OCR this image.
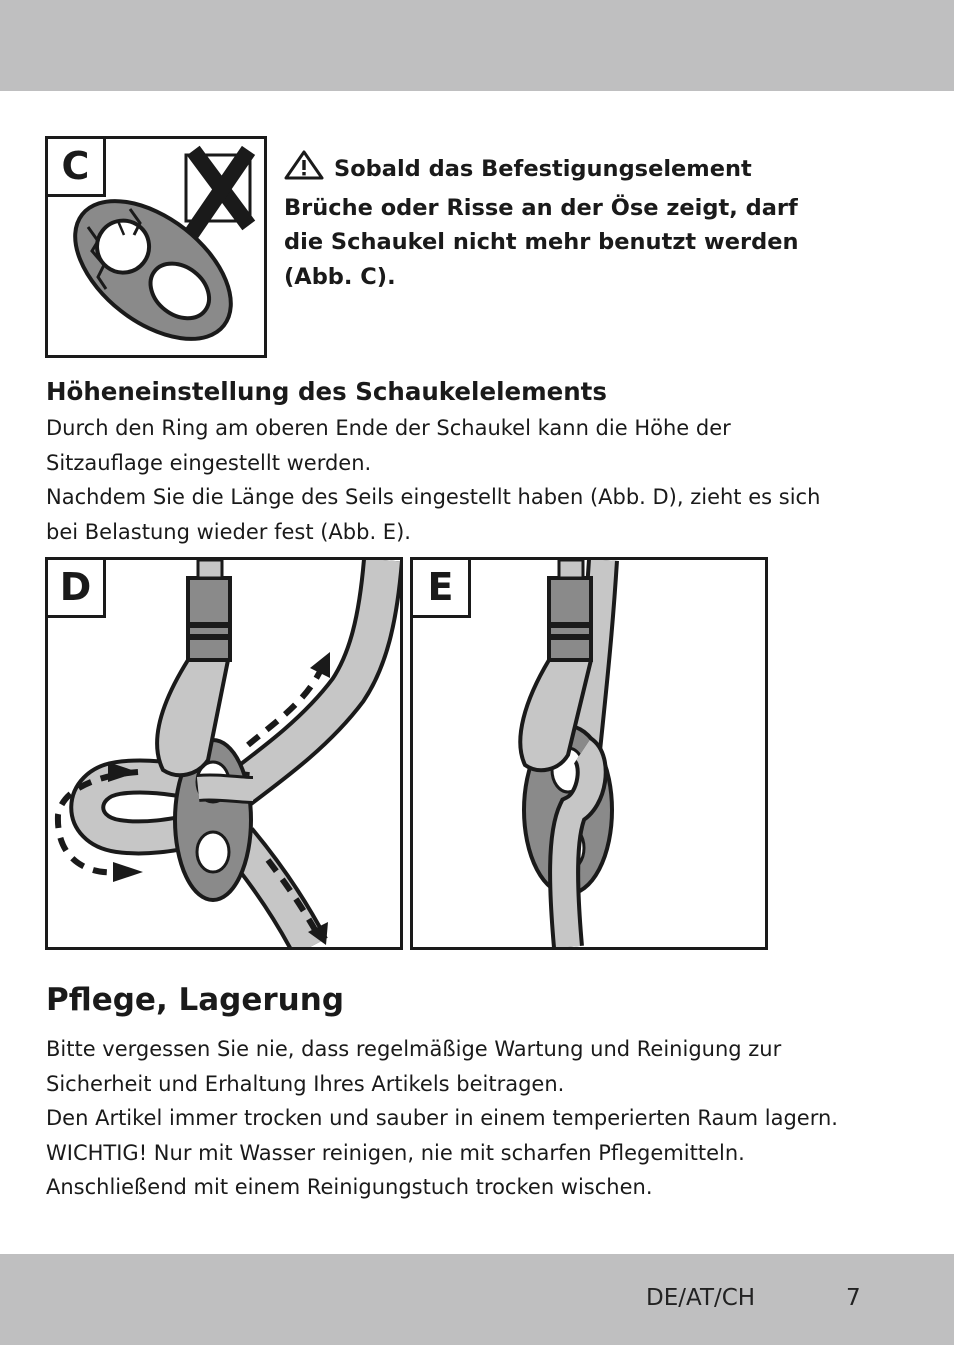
C	Sobald das Befestigungselement Brüche oder Risse an der Öse zeigt, darf die Schaukel nicht mehr benutzt werden (Abb. C).
Höheneinstellung des Schaukelelements

Durch den Ring am oberen Ende der Schaukel kann die Höhe der Sitzauflage eingestellt werden.

Nachdem Sie die Länge des Seils eingestellt haben (Abb. D), zieht es sich bei Belastung wieder fest (Abb. E).

D	E
Pflege, Lagerung

Bitte vergessen Sie nie, dass regelmäßige Wartung und Reinigung zur Sicherheit und Erhaltung Ihres Artikels beitragen.

Den Artikel immer trocken und sauber in einem temperierten Raum lagern.

WICHTIG! Nur mit Wasser reinigen, nie mit scharfen Pflegemitteln.

Anschließend mit einem Reinigungstuch trocken wischen.

DE/AT/CH	7
